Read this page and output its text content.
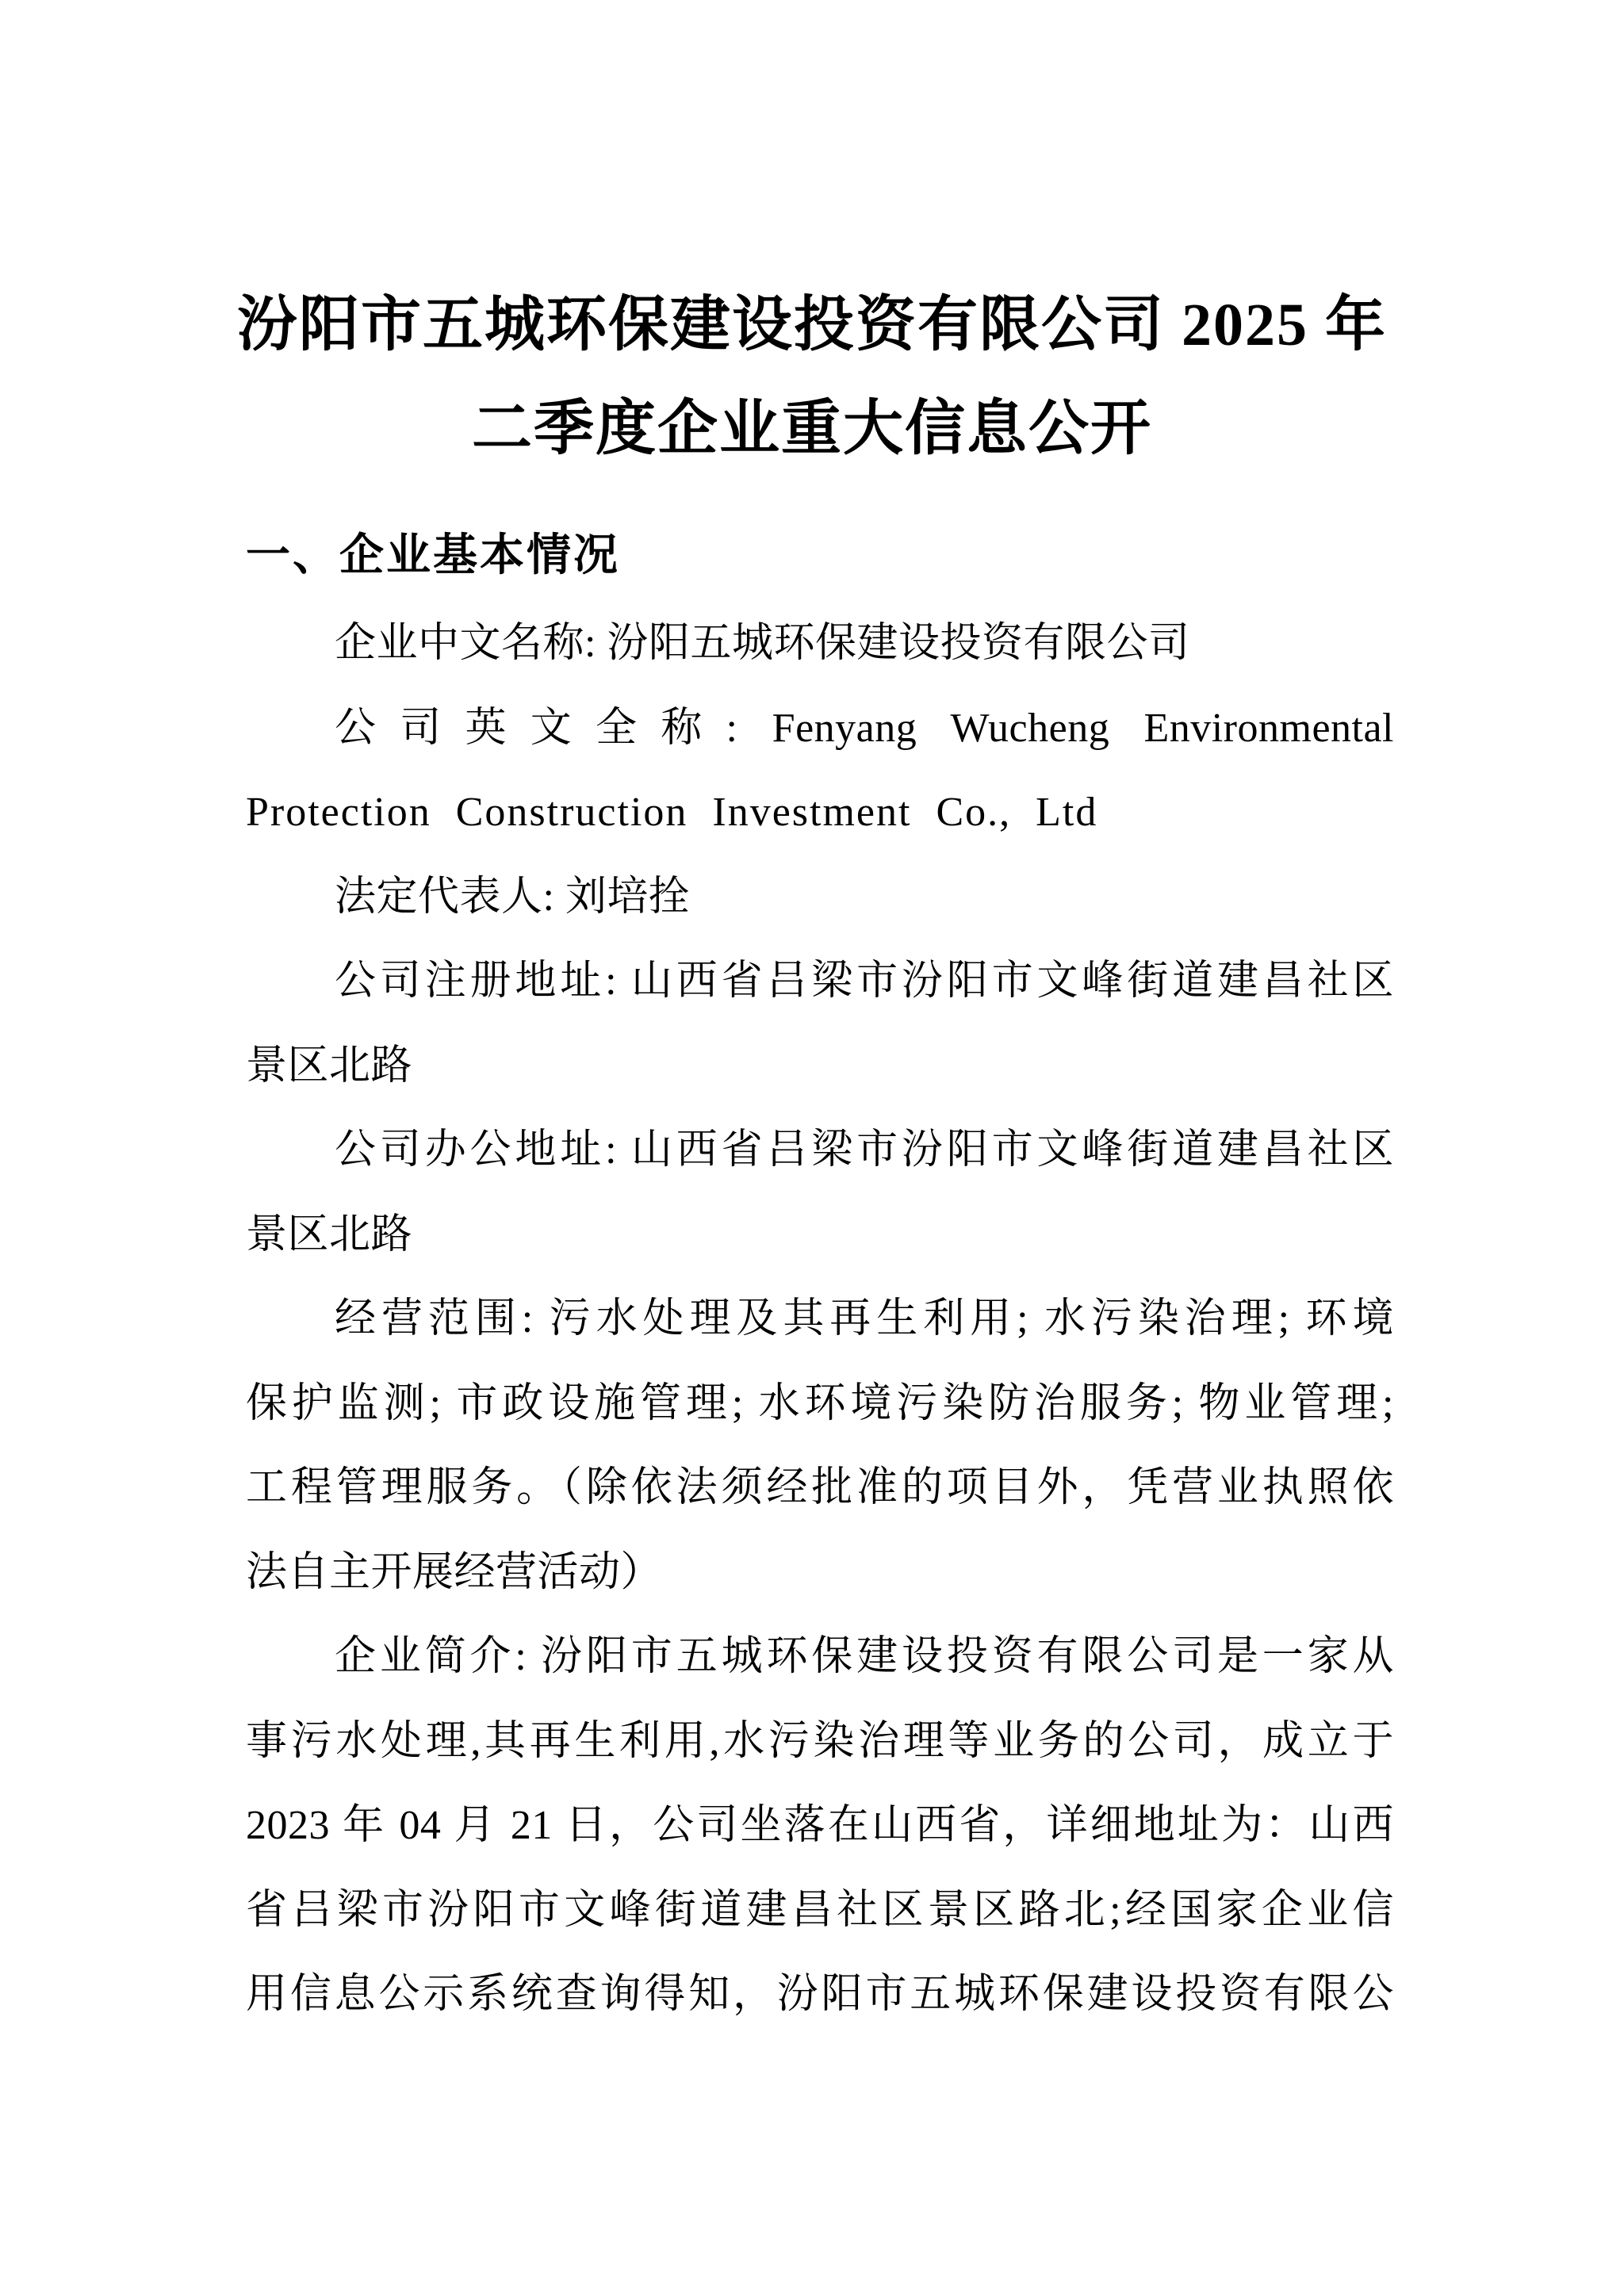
汾阳市五城环保建设投资有限公司 2025 年
二季度企业重大信息公开
一、企业基本情况
企业中文名称: 汾阳五城环保建设投资有限公司
公司英文全称: Fenyang Wucheng Environmental
Protection Construction Investment Co., Ltd
法定代表人: 刘培拴
公司注册地址: 山西省吕梁市汾阳市文峰街道建昌社区
景区北路
公司办公地址: 山西省吕梁市汾阳市文峰街道建昌社区
景区北路
经营范围: 污水处理及其再生利用; 水污染治理; 环境
保护监测; 市政设施管理; 水环境污染防治服务; 物业管理;
工程管理服务。（除依法须经批准的项目外，凭营业执照依
法自主开展经营活动）
企业简介: 汾阳市五城环保建设投资有限公司是一家从
事污水处理,其再生利用,水污染治理等业务的公司，成立于
2023 年 04 月 21 日，公司坐落在山西省，详细地址为：山西
省吕梁市汾阳市文峰街道建昌社区景区路北;经国家企业信
用信息公示系统查询得知，汾阳市五城环保建设投资有限公
